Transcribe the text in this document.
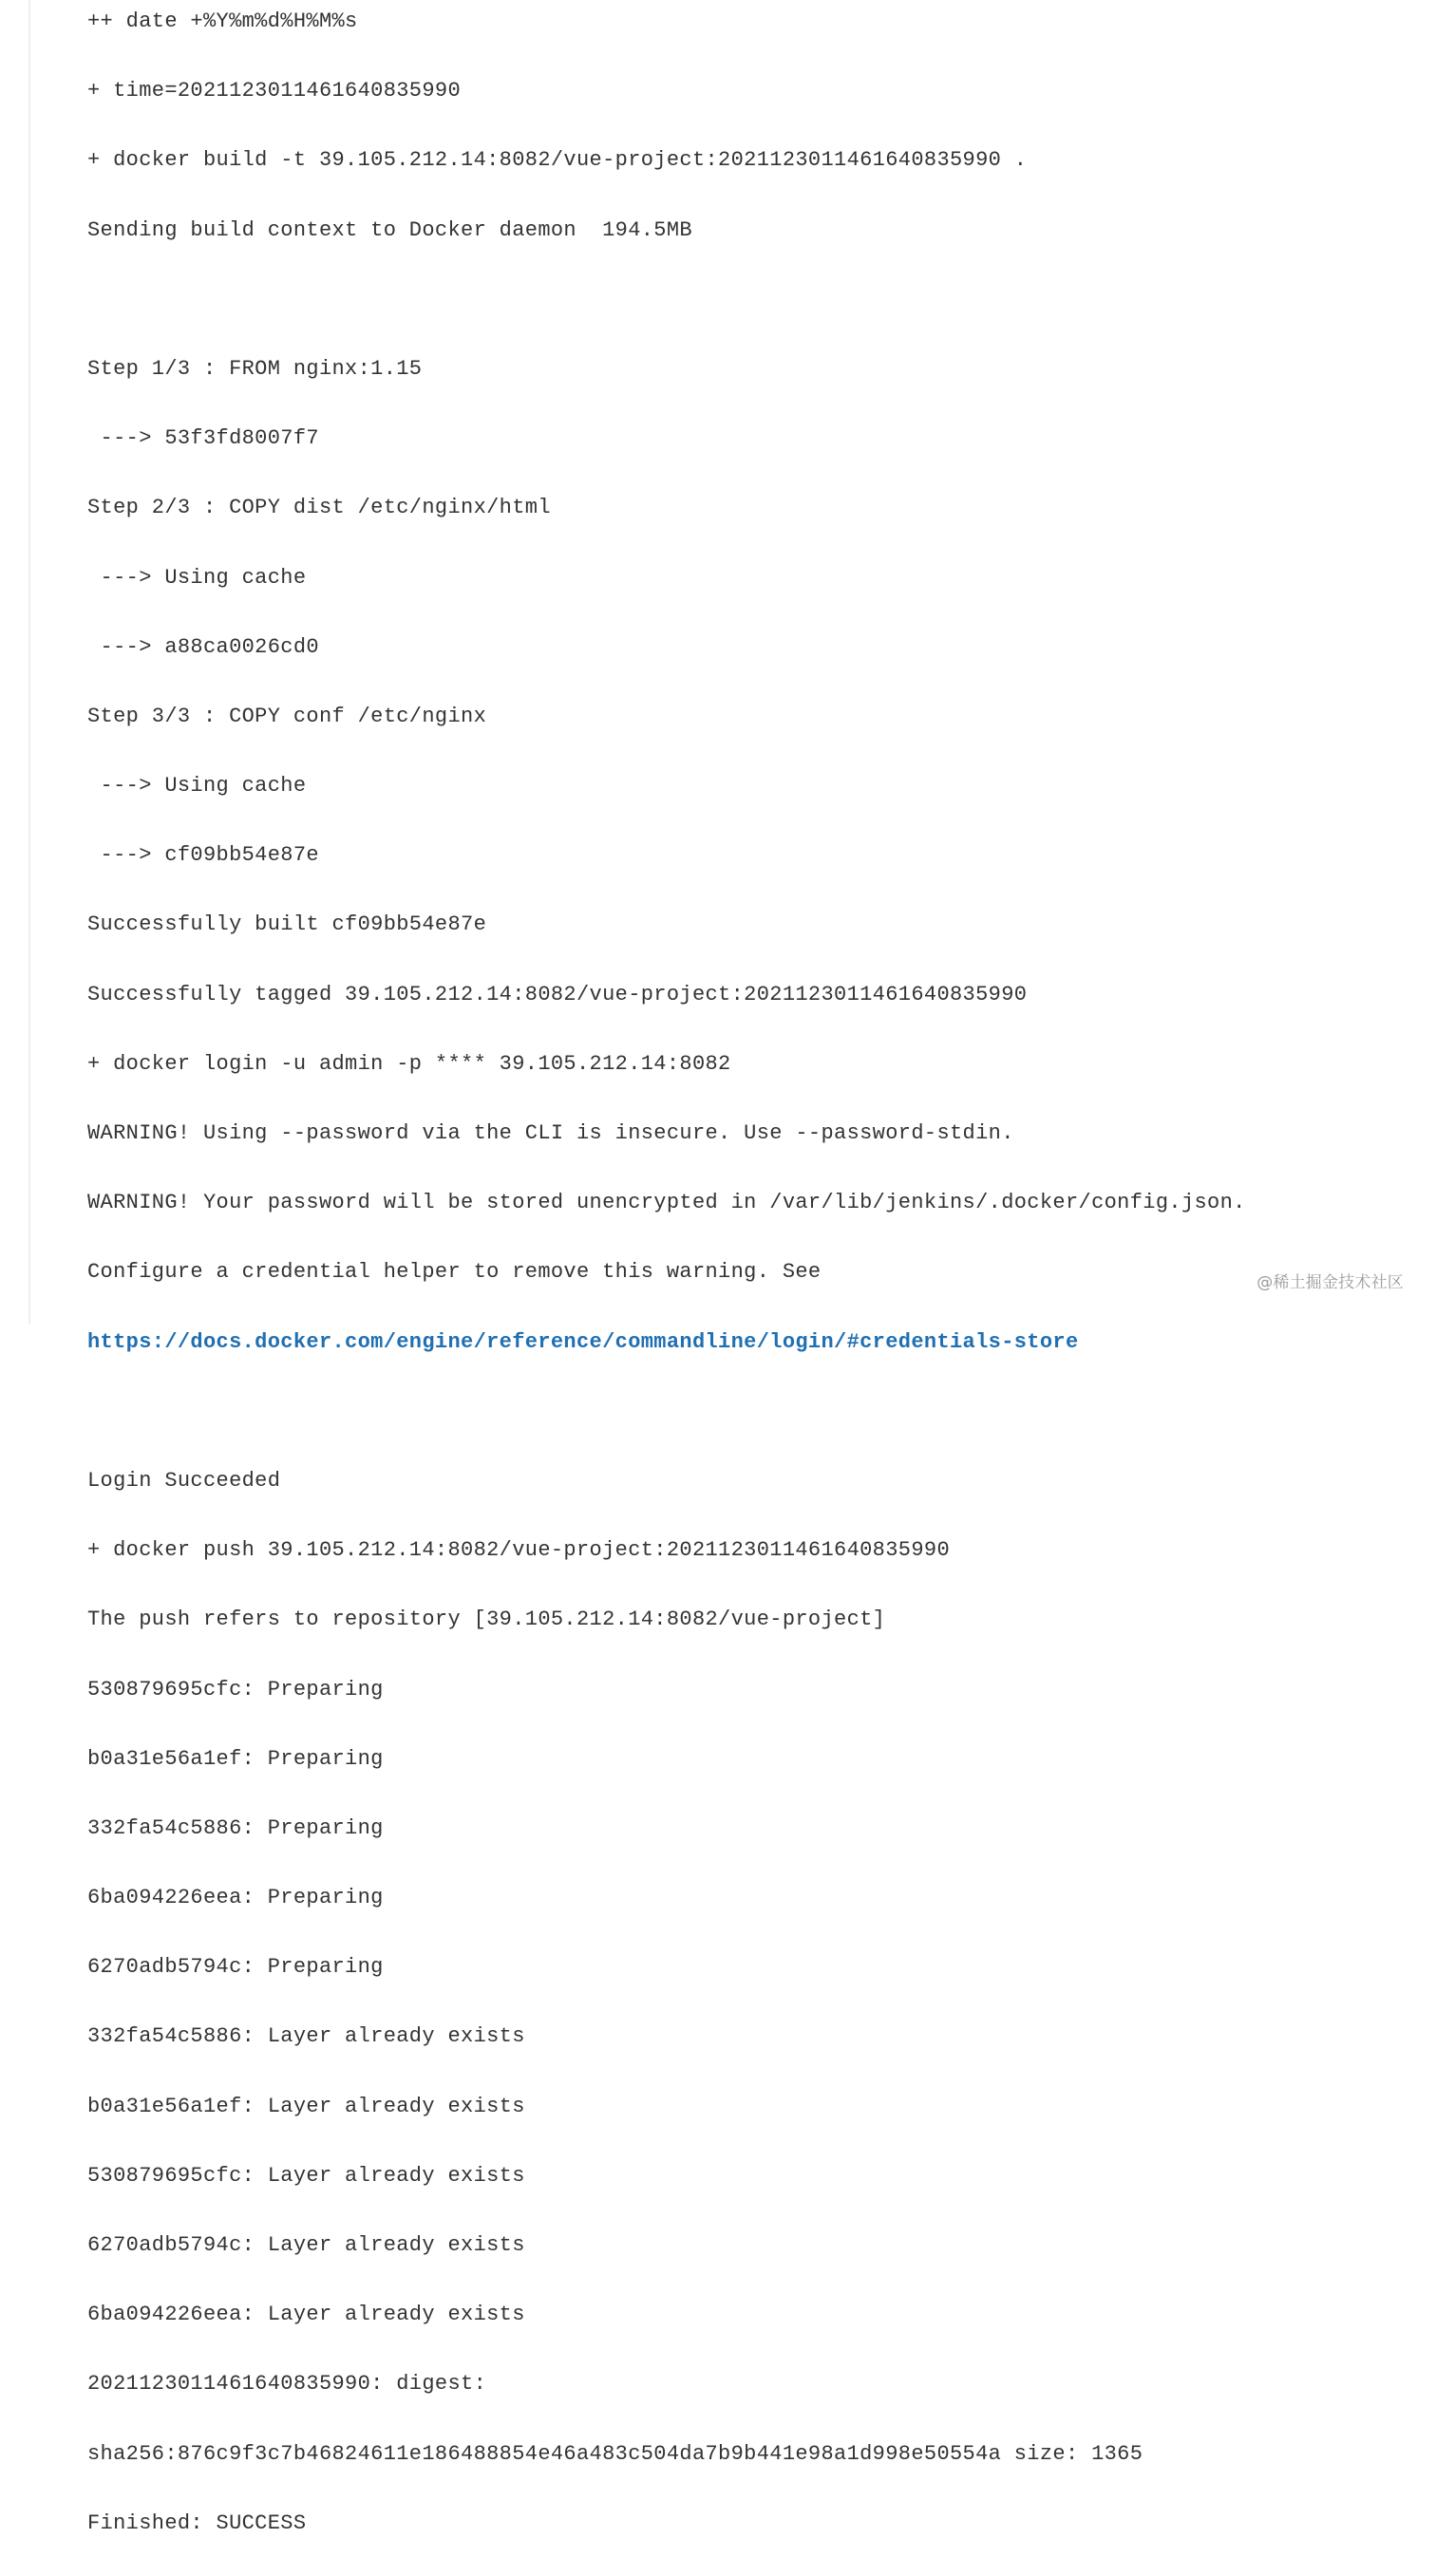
++ date +%Y%m%d%H%M%s

+ time=20211230114616408359​90

+ docker build -t 39.105.212.14:8082/vue-project:2021123011461640835990 .

Sending build context to Docker daemon  194.5MB

Step 1/3 : FROM nginx:1.15

---> 53f3fd8007f7

Step 2/3 : COPY dist /etc/nginx/html

---> Using cache

---> a88ca0026cd0

Step 3/3 : COPY conf /etc/nginx

---> Using cache

---> cf09bb54e87e

Successfully built cf09bb54e87e

Successfully tagged 39.105.212.14:8082/vue-project:2021123011461640835990

+ docker login -u admin -p **** 39.105.212.14:8082

WARNING! Using --password via the CLI is insecure. Use --password-stdin.

WARNING! Your password will be stored unencrypted in /var/lib/jenkins/.docker/config.json.

Configure a credential helper to remove this warning. See

https://docs.docker.com/engine/reference/commandline/login/#credentials-store

Login Succeeded

+ docker push 39.105.212.14:8082/vue-project:2021123011461640835990

The push refers to repository [39.105.212.14:8082/vue-project]

530879695cfc: Preparing

b0a31e56a1ef: Preparing

332fa54c5886: Preparing

6ba094226eea: Preparing

6270adb5794c: Preparing

332fa54c5886: Layer already exists

b0a31e56a1ef: Layer already exists

530879695cfc: Layer already exists

6270adb5794c: Layer already exists

6ba094226eea: Layer already exists

2021123011461640835990: digest:

sha256:876c9f3c7b46824611e186488854e46a483c504da7b9b441e98a1d998e50554a size: 1365

Finished: SUCCESS

@稀土掘金技术社区
